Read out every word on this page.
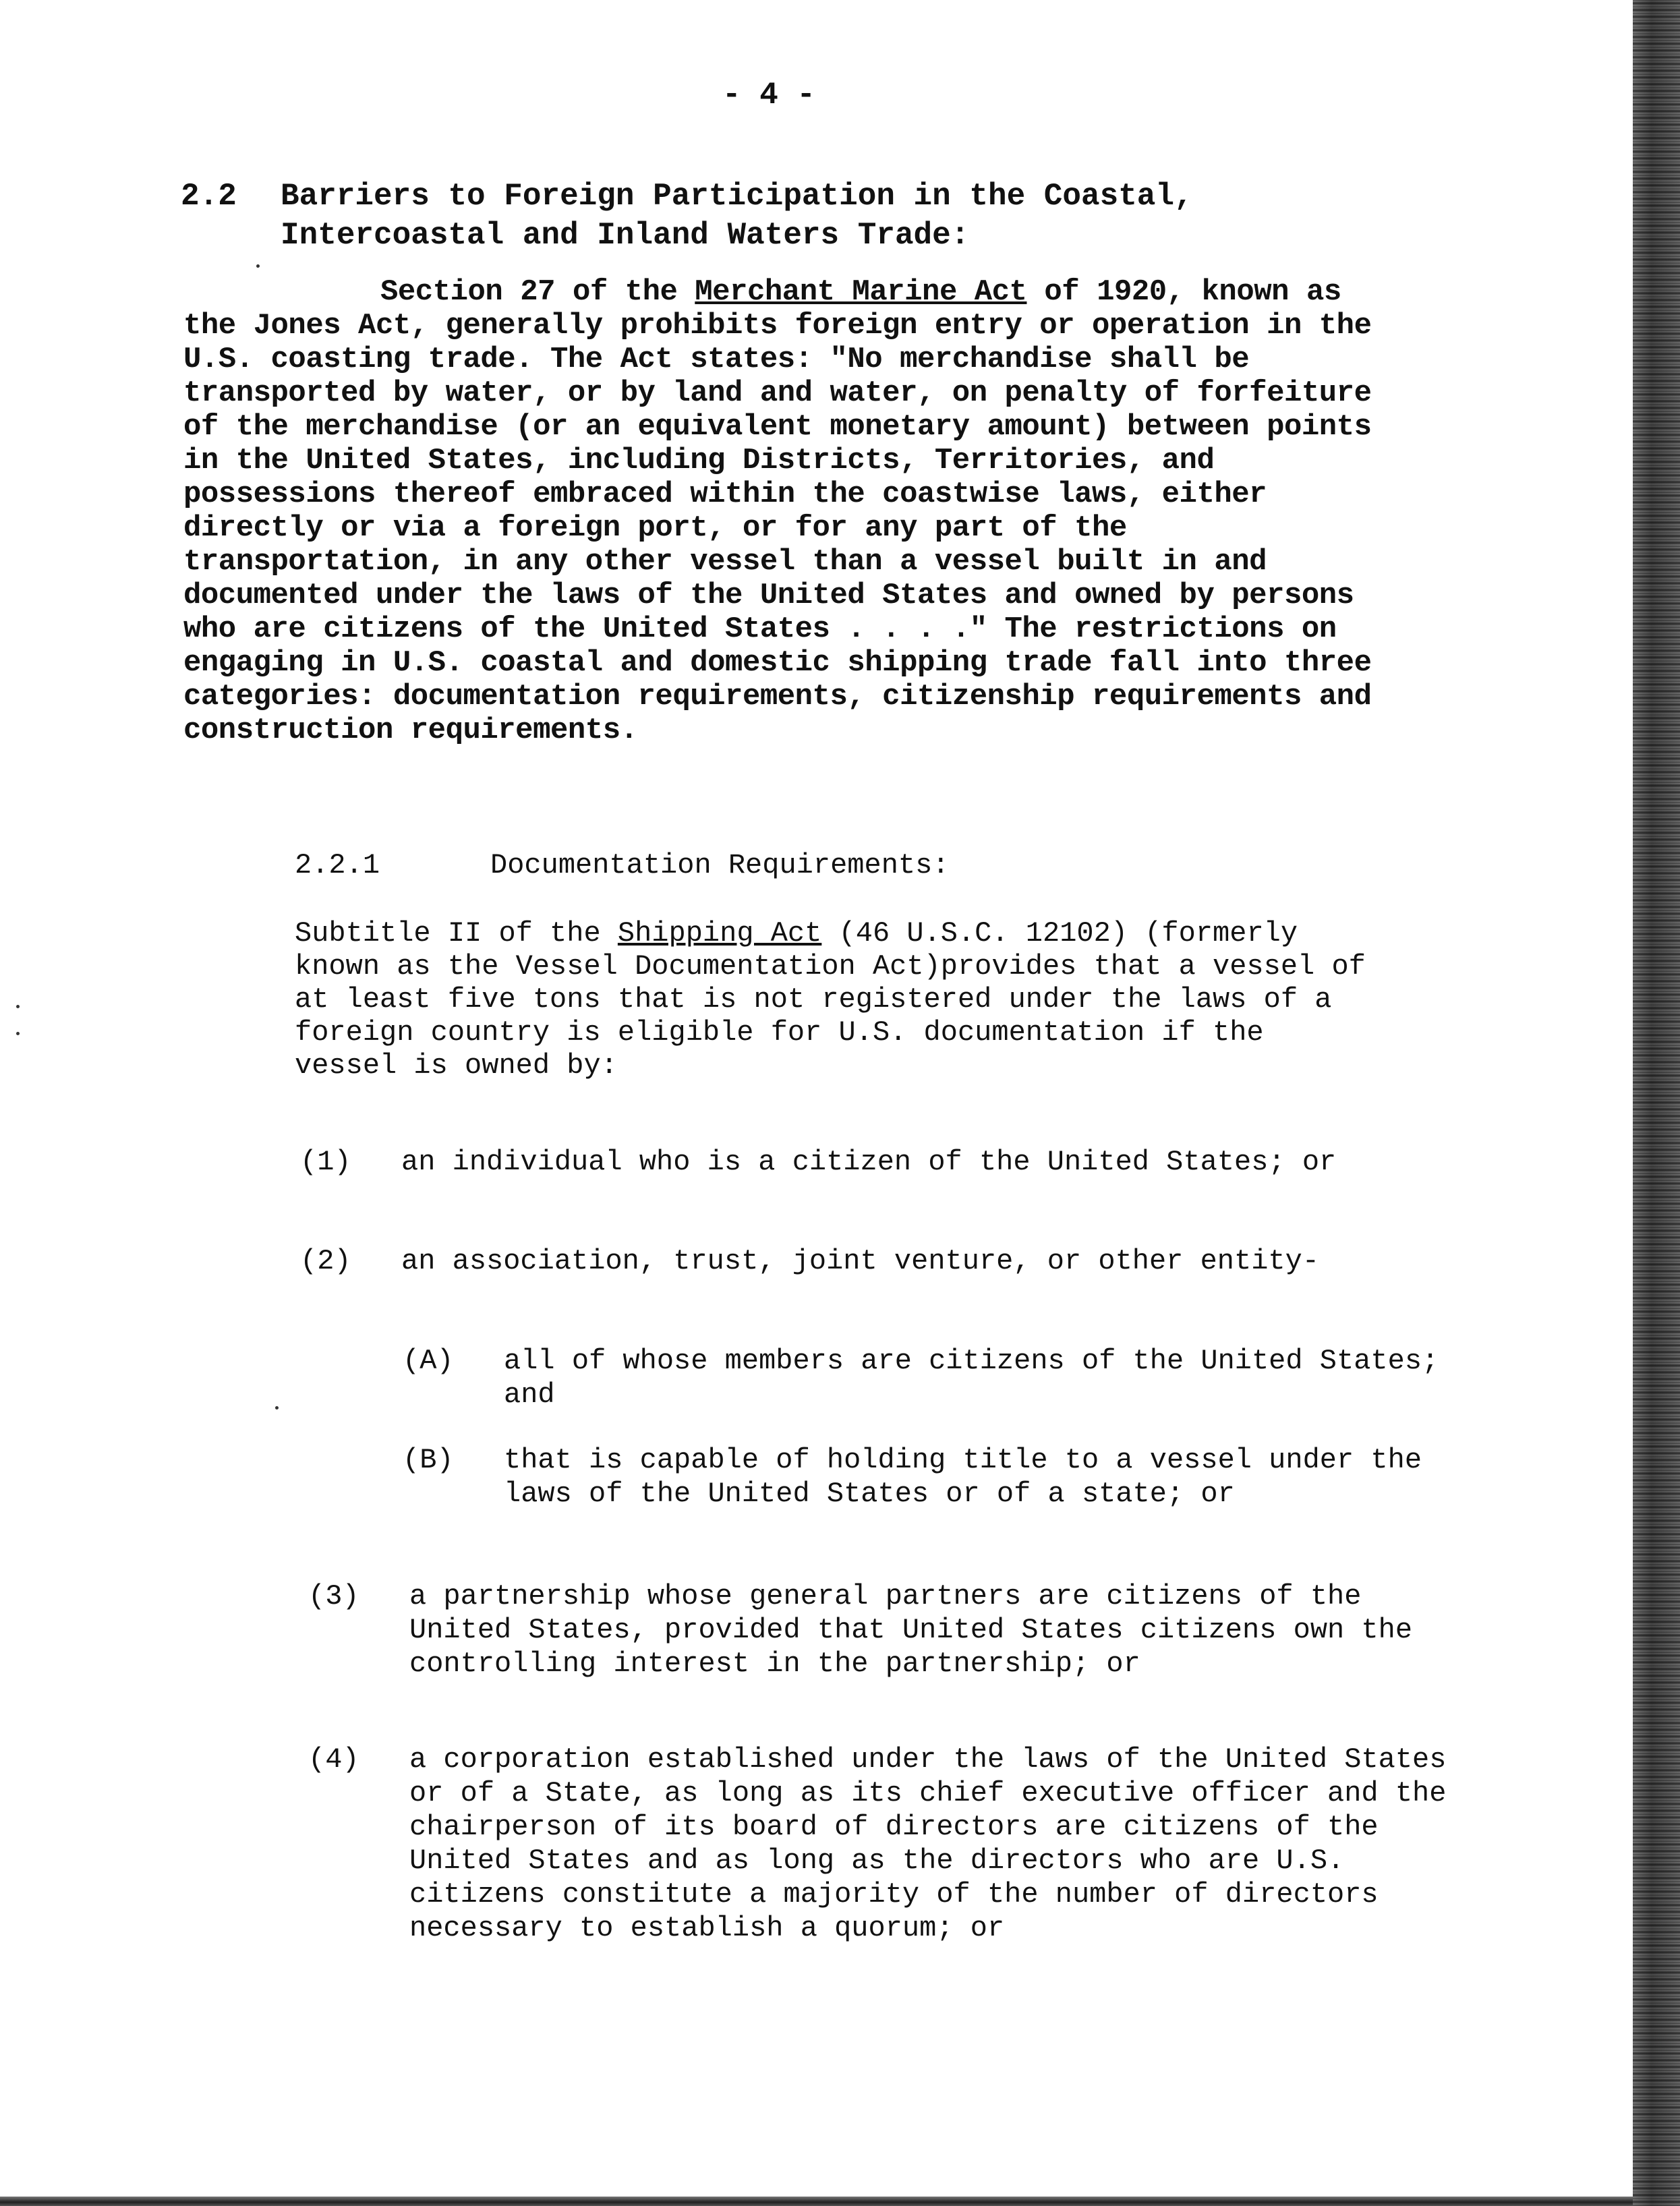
- 4 -
2.2 Barriers to Foreign Participation in the Coastal, Intercoastal and Inland Waters Trade:

Section 27 of the Merchant Marine Act of 1920, known as the Jones Act, generally prohibits foreign entry or operation in the U.S. coasting trade. The Act states: "No merchandise shall be transported by water, or by land and water, on penalty of forfeiture of the merchandise (or an equivalent monetary amount) between points in the United States, including Districts, Territories, and possessions thereof embraced within the coastwise laws, either directly or via a foreign port, or for any part of the transportation, in any other vessel than a vessel built in and documented under the laws of the United States and owned by persons who are citizens of the United States . . . ." The restrictions on engaging in U.S. coastal and domestic shipping trade fall into three categories: documentation requirements, citizenship requirements and construction requirements.

2.2.1	Documentation Requirements:

Subtitle II of the Shipping Act (46 U.S.C. 12102) (formerly known as the Vessel Documentation Act)provides that a vessel of at least five tons that is not registered under the laws of a foreign country is eligible for U.S. documentation if the vessel is owned by:

(1) an individual who is a citizen of the United States; or
(2) an association, trust, joint venture, or other entity-
(A) all of whose members are citizens of the United States; and
(B) that is capable of holding title to a vessel under the laws of the United States or of a state; or
(3) a partnership whose general partners are citizens of the United States, provided that United States citizens own the controlling interest in the partnership; or
(4) a corporation established under the laws of the United States or of a State, as long as its chief executive officer and the chairperson of its board of directors are citizens of the United States and as long as the directors who are U.S. citizens constitute a majority of the number of directors necessary to establish a quorum; or
